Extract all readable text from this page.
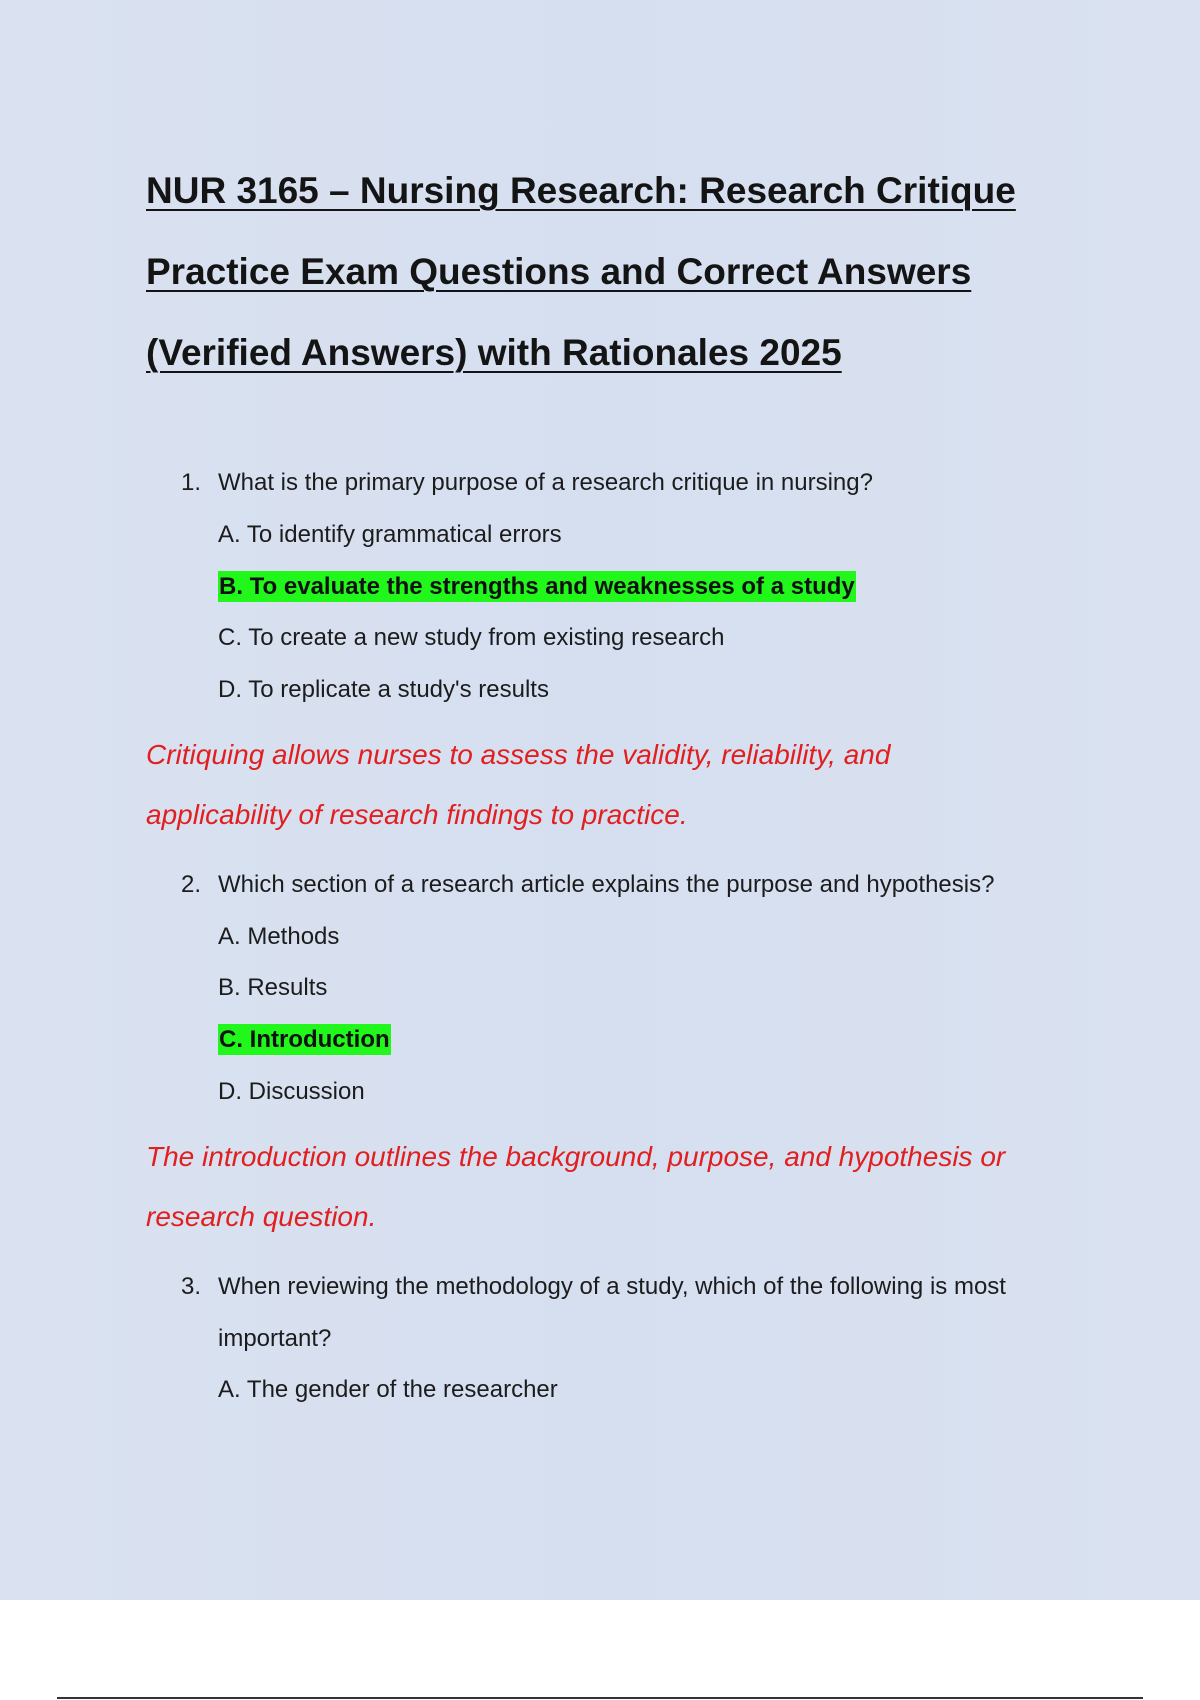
NUR 3165 – Nursing Research: Research Critique
Practice Exam Questions and Correct Answers
(Verified Answers) with Rationales 2025
1. What is the primary purpose of a research critique in nursing?
A. To identify grammatical errors
B. To evaluate the strengths and weaknesses of a study
C. To create a new study from existing research
D. To replicate a study's results
Critiquing allows nurses to assess the validity, reliability, and
applicability of research findings to practice.
2. Which section of a research article explains the purpose and hypothesis?
A. Methods
B. Results
C. Introduction
D. Discussion
The introduction outlines the background, purpose, and hypothesis or
research question.
3. When reviewing the methodology of a study, which of the following is most
important?
A. The gender of the researcher
